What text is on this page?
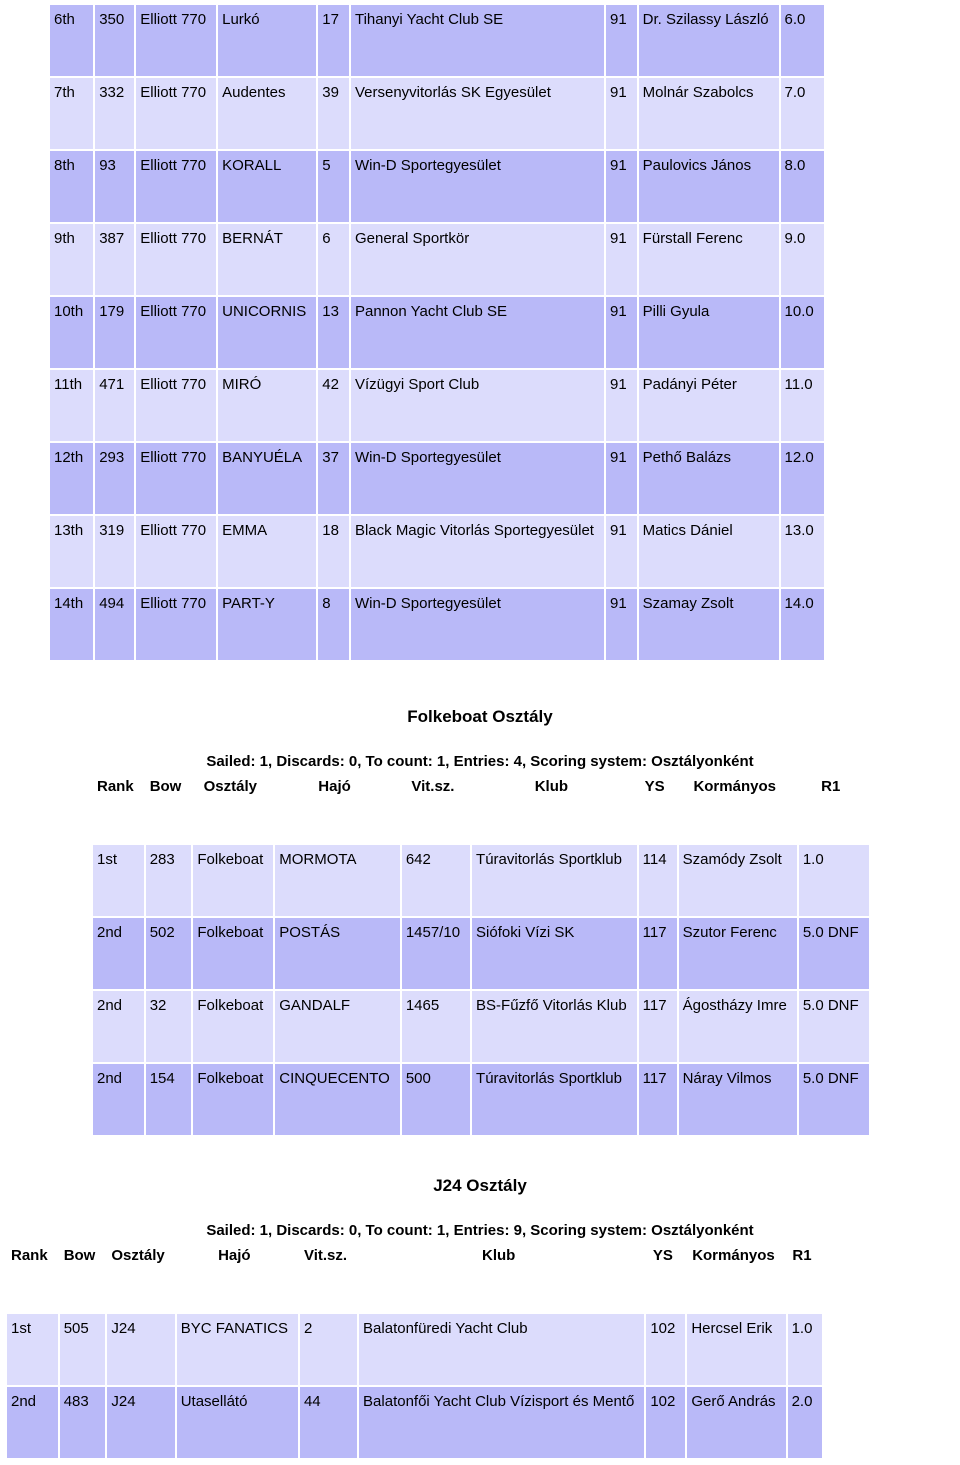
6th	350	Elliott 770	Lurkó	17	Tihanyi Yacht Club SE	91	Dr. Szilassy László	6.0
7th	332	Elliott 770	Audentes	39	Versenyvitorlás SK Egyesület	91	Molnár Szabolcs	7.0
8th	93	Elliott 770	KORALL	5	Win-D Sportegyesület	91	Paulovics János	8.0
9th	387	Elliott 770	BERNÁT	6	General Sportkör	91	Fürstall Ferenc	9.0
10th	179	Elliott 770	UNICORNIS	13	Pannon Yacht Club SE	91	Pilli Gyula	10.0
11th	471	Elliott 770	MIRÓ	42	Vízügyi Sport Club	91	Padányi Péter	11.0
12th	293	Elliott 770	BANYUÉLA	37	Win-D Sportegyesület	91	Pethő Balázs	12.0
13th	319	Elliott 770	EMMA	18	Black Magic Vitorlás Sportegyesület	91	Matics Dániel	13.0
14th	494	Elliott 770	PART-Y	8	Win-D Sportegyesület	91	Szamay Zsolt	14.0
Folkeboat Osztály
Sailed: 1, Discards: 0, To count: 1, Entries: 4, Scoring system: Osztályonként
Rank	Bow	Osztály	Hajó	Vit.sz.	Klub	YS	Kormányos	R1
1st	283	Folkeboat	MORMOTA	642	Túravitorlás Sportklub	114	Szamódy Zsolt	1.0
2nd	502	Folkeboat	POSTÁS	1457/10	Siófoki Vízi SK	117	Szutor Ferenc	5.0 DNF
2nd	32	Folkeboat	GANDALF	1465	BS-Fűzfő Vitorlás Klub	117	Ágostházy Imre	5.0 DNF
2nd	154	Folkeboat	CINQUECENTO	500	Túravitorlás Sportklub	117	Náray Vilmos	5.0 DNF
J24 Osztály
Sailed: 1, Discards: 0, To count: 1, Entries: 9, Scoring system: Osztályonként
Rank	Bow	Osztály	Hajó	Vit.sz.	Klub	YS	Kormányos	R1
1st	505	J24	BYC FANATICS	2	Balatonfüredi Yacht Club	102	Hercsel Erik	1.0
2nd	483	J24	Utasellátó	44	Balatonfői Yacht Club Vízisport és Mentő	102	Gerő András	2.0
